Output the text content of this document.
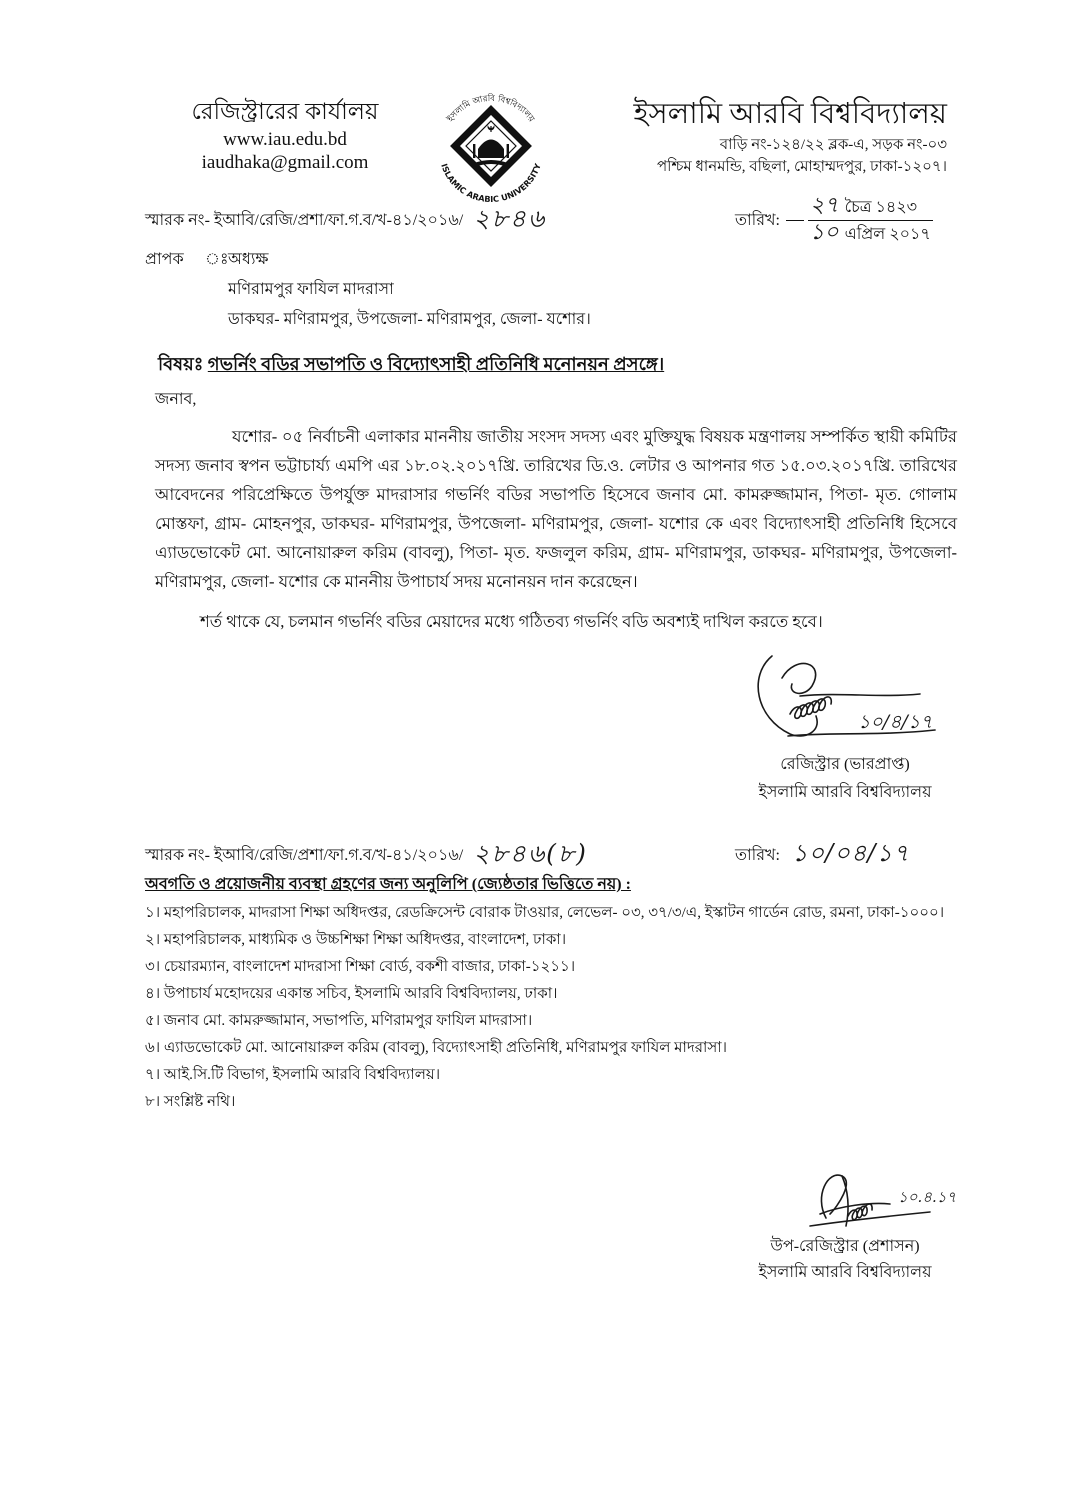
রেজিস্ট্রারের কার্যালয়
www.iau.edu.bd
iaudhaka@gmail.com
ইসলামি আরবি বিশ্ববিদ্যালয়
ISLAMIC ARABIC UNIVERSITY
ইসলামি আরবি বিশ্ববিদ্যালয়
বাড়ি নং-১২৪/২২ ব্লক-এ, সড়ক নং-০৩
পশ্চিম ধানমন্ডি, বছিলা, মোহাম্মদপুর, ঢাকা-১২০৭।
স্মারক নং- ইআবি/রেজি/প্রশা/ফা.গ.ব/খ-৪১/২০১৬/ ২৮৪৬	তারিখ:
২৭ চৈত্র ১৪২৩
১০ এপ্রিল ২০১৭
প্রাপক	ঃ অধ্যক্ষ
মণিরামপুর ফাযিল মাদরাসা
ডাকঘর- মণিরামপুর, উপজেলা- মণিরামপুর, জেলা- যশোর।
বিষয়ঃ গভর্নিং বডির সভাপতি ও বিদ্যোৎসাহী প্রতিনিধি মনোনয়ন প্রসঙ্গে।
জনাব,

যশোর- ০৫ নির্বাচনী এলাকার মাননীয় জাতীয় সংসদ সদস্য এবং মুক্তিযুদ্ধ বিষয়ক মন্ত্রণালয় সম্পর্কিত স্থায়ী কমিটির সদস্য জনাব স্বপন ভট্টাচার্য্য এমপি এর ১৮.০২.২০১৭খ্রি. তারিখের ডি.ও. লেটার ও আপনার গত ১৫.০৩.২০১৭খ্রি. তারিখের আবেদনের পরিপ্রেক্ষিতে উপর্যুক্ত মাদরাসার গভর্নিং বডির সভাপতি হিসেবে জনাব মো. কামরুজ্জামান, পিতা- মৃত. গোলাম মোস্তফা, গ্রাম- মোহনপুর, ডাকঘর- মণিরামপুর, উপজেলা- মণিরামপুর, জেলা- যশোর কে এবং বিদ্যোৎসাহী প্রতিনিধি হিসেবে এ্যাডভোকেট মো. আনোয়ারুল করিম (বাবলু), পিতা- মৃত. ফজলুল করিম, গ্রাম- মণিরামপুর, ডাকঘর- মণিরামপুর, উপজেলা- মণিরামপুর, জেলা- যশোর কে মাননীয় উপাচার্য সদয় মনোনয়ন দান করেছেন।

শর্ত থাকে যে, চলমান গভর্নিং বডির মেয়াদের মধ্যে গঠিতব্য গভর্নিং বডি অবশ্যই দাখিল করতে হবে।
১০/৪/১৭
রেজিস্ট্রার (ভারপ্রাপ্ত)
ইসলামি আরবি বিশ্ববিদ্যালয়
স্মারক নং- ইআবি/রেজি/প্রশা/ফা.গ.ব/খ-৪১/২০১৬/ ২৮৪৬(৮)	তারিখ: ১০/০৪/১৭
অবগতি ও প্রয়োজনীয় ব্যবস্থা গ্রহণের জন্য অনুলিপি (জ্যেষ্ঠতার ভিত্তিতে নয়) :
১। মহাপরিচালক, মাদরাসা শিক্ষা অধিদপ্তর, রেডক্রিসেন্ট বোরাক টাওয়ার, লেভেল- ০৩, ৩৭/৩/এ, ইস্কাটন গার্ডেন রোড, রমনা, ঢাকা-১০০০।
২। মহাপরিচালক, মাধ্যমিক ও উচ্চশিক্ষা শিক্ষা অধিদপ্তর, বাংলাদেশ, ঢাকা।
৩। চেয়ারম্যান, বাংলাদেশ মাদরাসা শিক্ষা বোর্ড, বকশী বাজার, ঢাকা-১২১১।
৪। উপাচার্য মহোদয়ের একান্ত সচিব, ইসলামি আরবি বিশ্ববিদ্যালয়, ঢাকা।
৫। জনাব মো. কামরুজ্জামান, সভাপতি, মণিরামপুর ফাযিল মাদরাসা।
৬। এ্যাডভোকেট মো. আনোয়ারুল করিম (বাবলু), বিদ্যোৎসাহী প্রতিনিধি, মণিরামপুর ফাযিল মাদরাসা।
৭। আই.সি.টি বিভাগ, ইসলামি আরবি বিশ্ববিদ্যালয়।
৮। সংশ্লিষ্ট নথি।
১০.৪.১৭
উপ-রেজিস্ট্রার (প্রশাসন)
ইসলামি আরবি বিশ্ববিদ্যালয়
